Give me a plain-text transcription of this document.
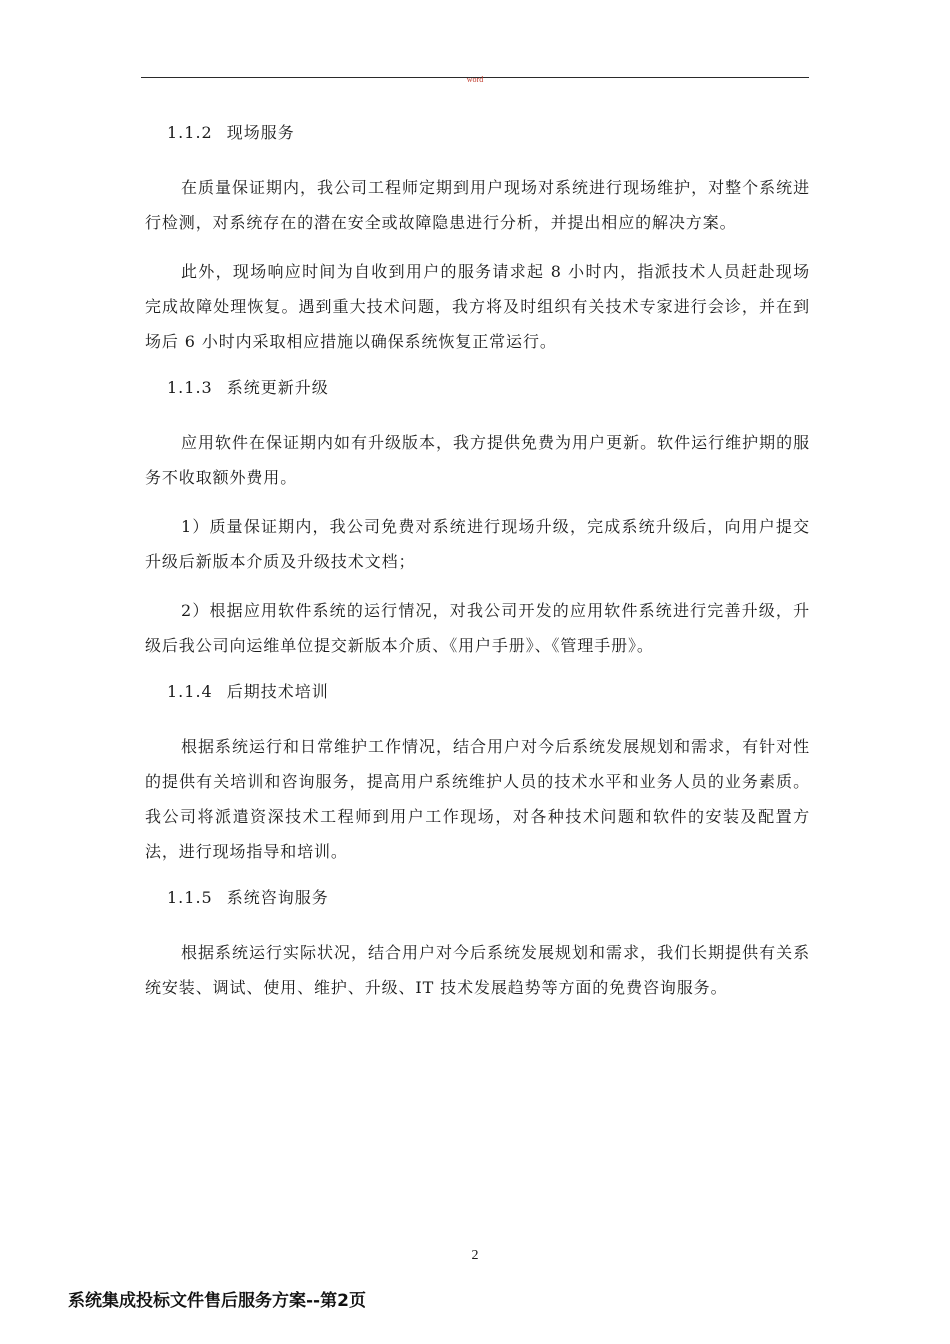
word
1.1.2 现场服务

在质量保证期内，我公司工程师定期到用户现场对系统进行现场维护，对整个系统进行检测，对系统存在的潜在安全或故障隐患进行分析，并提出相应的解决方案。

此外，现场响应时间为自收到用户的服务请求起 8 小时内，指派技术人员赶赴现场完成故障处理恢复。遇到重大技术问题，我方将及时组织有关技术专家进行会诊，并在到场后 6 小时内采取相应措施以确保系统恢复正常运行。

1.1.3 系统更新升级

应用软件在保证期内如有升级版本，我方提供免费为用户更新。软件运行维护期的服务不收取额外费用。

1）质量保证期内，我公司免费对系统进行现场升级，完成系统升级后，向用户提交升级后新版本介质及升级技术文档；

2）根据应用软件系统的运行情况，对我公司开发的应用软件系统进行完善升级，升级后我公司向运维单位提交新版本介质、《用户手册》、《管理手册》。

1.1.4 后期技术培训

根据系统运行和日常维护工作情况，结合用户对今后系统发展规划和需求，有针对性的提供有关培训和咨询服务，提高用户系统维护人员的技术水平和业务人员的业务素质。我公司将派遣资深技术工程师到用户工作现场，对各种技术问题和软件的安装及配置方法，进行现场指导和培训。

1.1.5 系统咨询服务

根据系统运行实际状况，结合用户对今后系统发展规划和需求，我们长期提供有关系统安装、调试、使用、维护、升级、IT 技术发展趋势等方面的免费咨询服务。

2
系统集成投标文件售后服务方案--第2页
